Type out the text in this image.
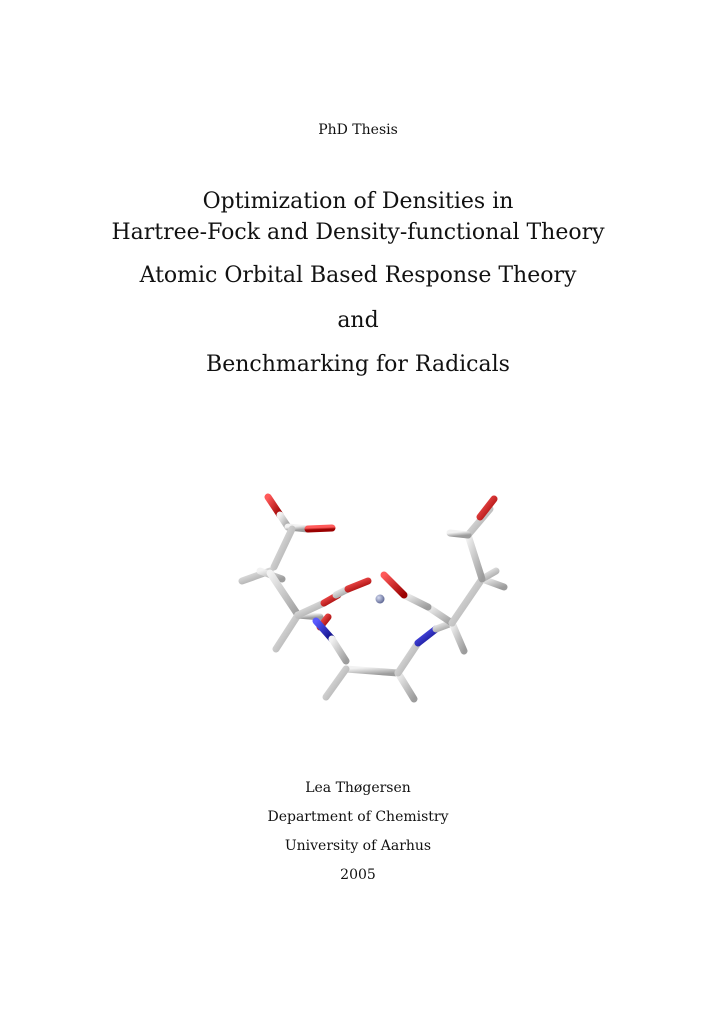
PhD Thesis
Optimization of Densities in
Hartree-Fock and Density-functional Theory
Atomic Orbital Based Response Theory
and
Benchmarking for Radicals
Lea Thøgersen
Department of Chemistry
University of Aarhus
2005
